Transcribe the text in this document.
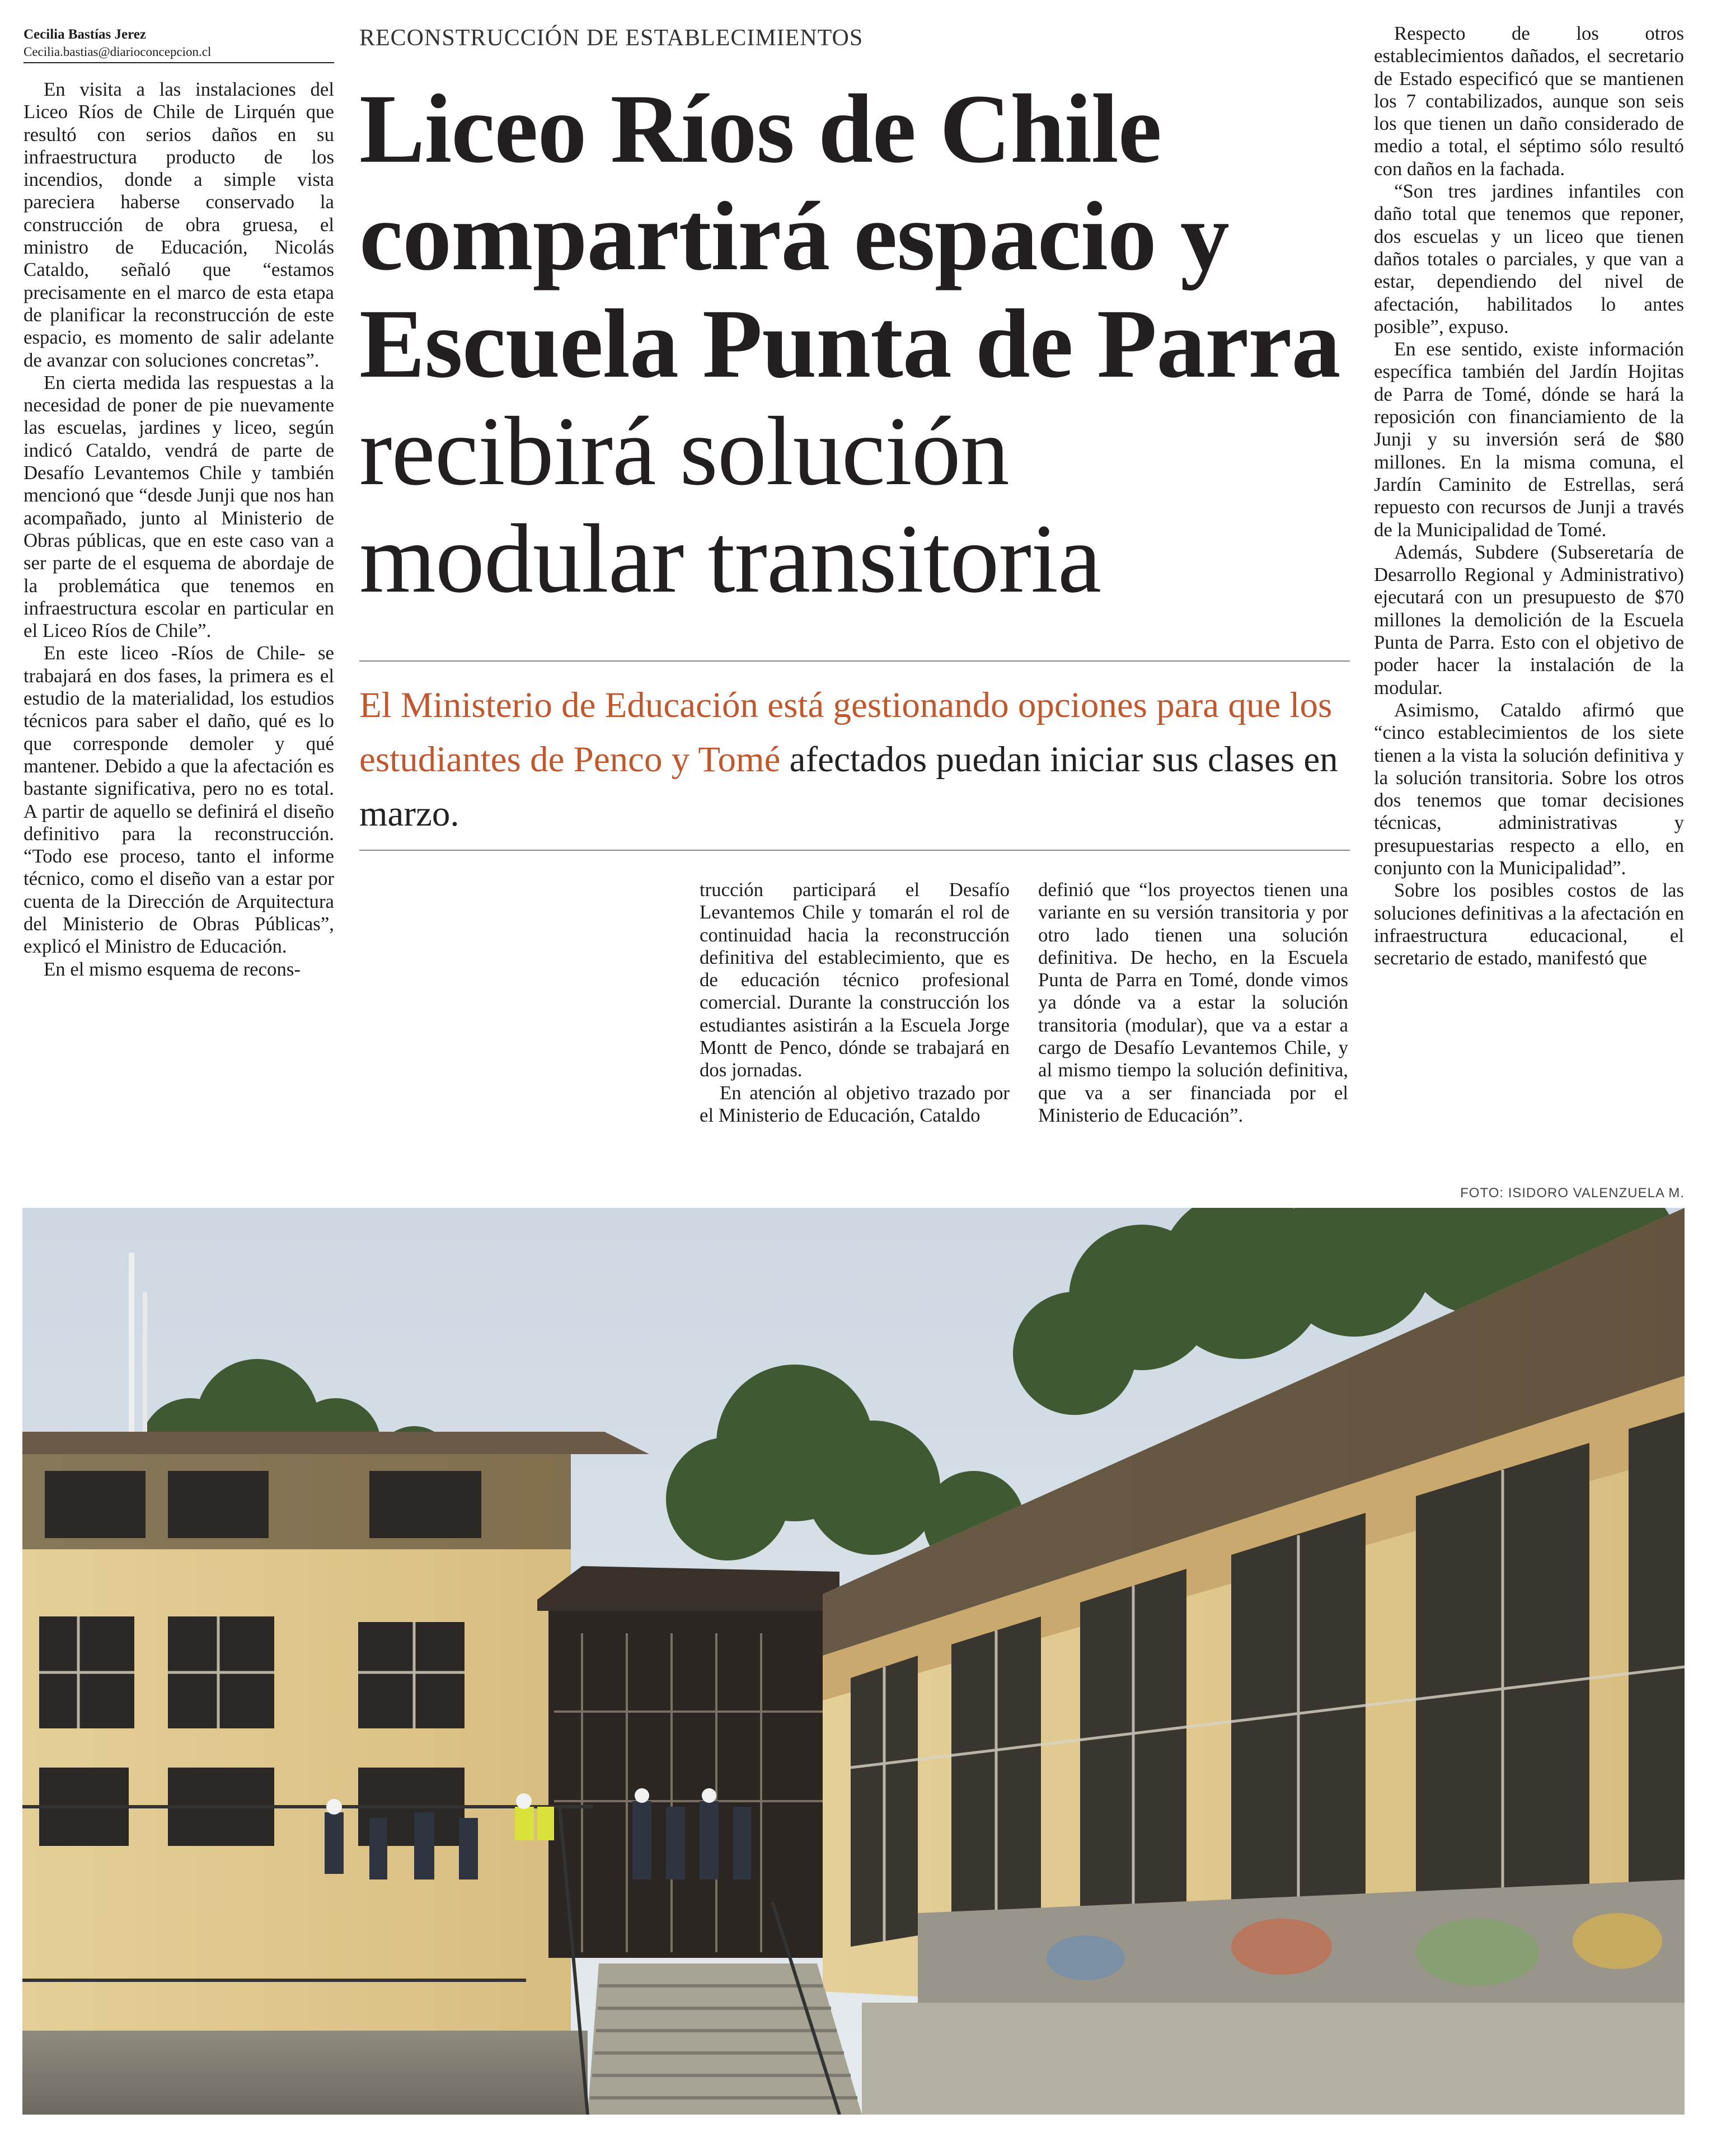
Cecilia Bastías Jerez
Cecilia.bastias@diarioconcepcion.cl
RECONSTRUCCIÓN DE ESTABLECIMIENTOS
Liceo Ríos de Chile compartirá espacio y Escuela Punta de Parra recibirá solución modular transitoria
El Ministerio de Educación está gestionando opciones para que los estudiantes de Penco y Tomé afectados puedan iniciar sus clases en marzo.

En visita a las instalaciones del Liceo Ríos de Chile de Lirquén que resultó con serios daños en su infraestructura producto de los incendios, donde a simple vista pareciera haberse conservado la construcción de obra gruesa, el ministro de Educación, Nicolás Cataldo, señaló que “estamos precisamente en el marco de esta etapa de planificar la reconstrucción de este espacio, es momento de salir adelante de avanzar con soluciones concretas”.

En cierta medida las respuestas a la necesidad de poner de pie nuevamente las escuelas, jardines y liceo, según indicó Cataldo, vendrá de parte de Desafío Levantemos Chile y también mencionó que “desde Junji que nos han acompañado, junto al Ministerio de Obras públicas, que en este caso van a ser parte de el esquema de abordaje de la problemática que tenemos en infraestructura escolar en particular en el Liceo Ríos de Chile”.

En este liceo -Ríos de Chile- se trabajará en dos fases, la primera es el estudio de la materialidad, los estudios técnicos para saber el daño, qué es lo que corresponde demoler y qué mantener. Debido a que la afectación es bastante significativa, pero no es total. A partir de aquello se definirá el diseño definitivo para la reconstrucción. “Todo ese proceso, tanto el informe técnico, como el diseño van a estar por cuenta de la Dirección de Arquitectura del Ministerio de Obras Públicas”, explicó el Ministro de Educación.

En el mismo esquema de recons-

trucción participará el Desafío Levantemos Chile y tomarán el rol de continuidad hacia la reconstrucción definitiva del establecimiento, que es de educación técnico profesional comercial. Durante la construcción los estudiantes asistirán a la Escuela Jorge Montt de Penco, dónde se trabajará en dos jornadas.

En atención al objetivo trazado por el Ministerio de Educación, Cataldo

definió que “los proyectos tienen una variante en su versión transitoria y por otro lado tienen una solución definitiva. De hecho, en la Escuela Punta de Parra en Tomé, donde vimos ya dónde va a estar la solución transitoria (modular), que va a estar a cargo de Desafío Levantemos Chile, y al mismo tiempo la solución definitiva, que va a ser financiada por el Ministerio de Educación”.

Respecto de los otros establecimientos dañados, el secretario de Estado especificó que se mantienen los 7 contabilizados, aunque son seis los que tienen un daño considerado de medio a total, el séptimo sólo resultó con daños en la fachada.

“Son tres jardines infantiles con daño total que tenemos que reponer, dos escuelas y un liceo que tienen daños totales o parciales, y que van a estar, dependiendo del nivel de afectación, habilitados lo antes posible”, expuso.

En ese sentido, existe información específica también del Jardín Hojitas de Parra de Tomé, dónde se hará la reposición con financiamiento de la Junji y su inversión será de $80 millones. En la misma comuna, el Jardín Caminito de Estrellas, será repuesto con recursos de Junji a través de la Municipalidad de Tomé.

Además, Subdere (Subseretaría de Desarrollo Regional y Administrativo) ejecutará con un presupuesto de $70 millones la demolición de la Escuela Punta de Parra. Esto con el objetivo de poder hacer la instalación de la modular.

Asimismo, Cataldo afirmó que “cinco establecimientos de los siete tienen a la vista la solución definitiva y la solución transitoria. Sobre los otros dos tenemos que tomar decisiones técnicas, administrativas y presupuestarias respecto a ello, en conjunto con la Municipalidad”.

Sobre los posibles costos de las soluciones definitivas a la afectación en infraestructura educacional, el secretario de estado, manifestó que

FOTO: ISIDORO VALENZUELA M.
